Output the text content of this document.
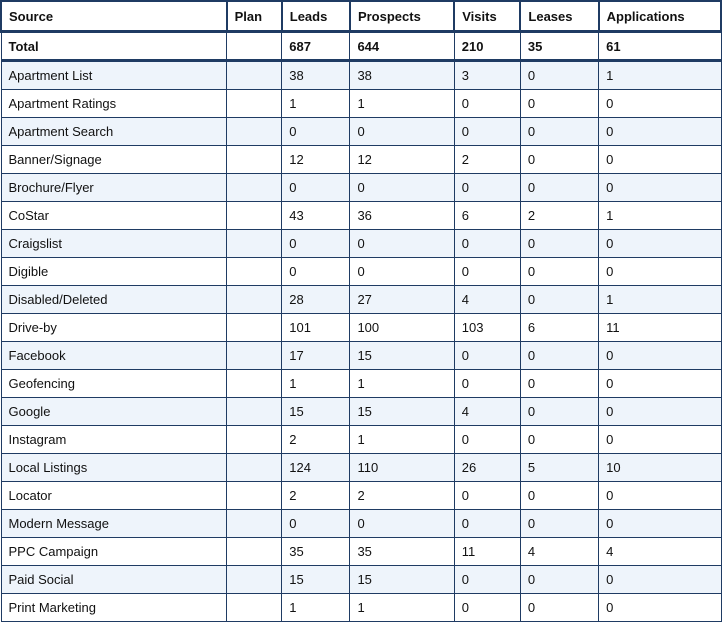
Source	Plan	Leads	Prospects	Visits	Leases	Applications
Total		687	644	210	35	61
Apartment List		38	38	3	0	1
Apartment Ratings		1	1	0	0	0
Apartment Search		0	0	0	0	0
Banner/Signage		12	12	2	0	0
Brochure/Flyer		0	0	0	0	0
CoStar		43	36	6	2	1
Craigslist		0	0	0	0	0
Digible		0	0	0	0	0
Disabled/Deleted		28	27	4	0	1
Drive-by		101	100	103	6	11
Facebook		17	15	0	0	0
Geofencing		1	1	0	0	0
Google		15	15	4	0	0
Instagram		2	1	0	0	0
Local Listings		124	110	26	5	10
Locator		2	2	0	0	0
Modern Message		0	0	0	0	0
PPC Campaign		35	35	11	4	4
Paid Social		15	15	0	0	0
Print Marketing		1	1	0	0	0
